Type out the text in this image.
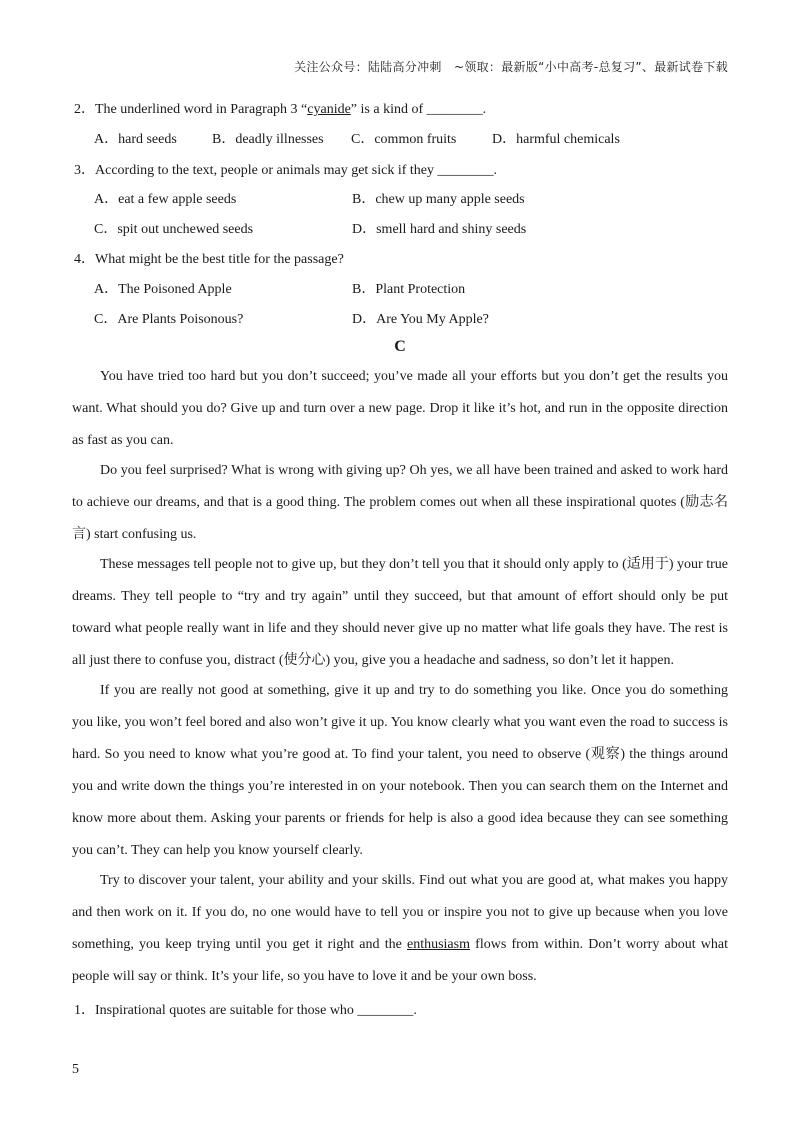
关注公众号：陆陆高分冲刺　~领取：最新版“小中高考-总复习”、最新试卷下载
2．The underlined word in Paragraph 3 “cyanide” is a kind of ________.
A．hard seeds	B．deadly illnesses C．common fruits	D．harmful chemicals
3．According to the text, people or animals may get sick if they ________.
A．eat a few apple seeds	B．chew up many apple seeds
C．spit out unchewed seeds	D．smell hard and shiny seeds
4．What might be the best title for the passage?
A．The Poisoned Apple	B．Plant Protection
C．Are Plants Poisonous?	D．Are You My Apple?
C

You have tried too hard but you don’t succeed; you’ve made all your efforts but you don’t get the results you want. What should you do? Give up and turn over a new page. Drop it like it’s hot, and run in the opposite direction as fast as you can.

Do you feel surprised? What is wrong with giving up? Oh yes, we all have been trained and asked to work hard to achieve our dreams, and that is a good thing. The problem comes out when all these inspirational quotes (励志名言) start confusing us.

These messages tell people not to give up, but they don’t tell you that it should only apply to (适用于) your true dreams. They tell people to “try and try again” until they succeed, but that amount of effort should only be put toward what people really want in life and they should never give up no matter what life goals they have. The rest is all just there to confuse you, distract (使分心) you, give you a headache and sadness, so don’t let it happen.

If you are really not good at something, give it up and try to do something you like. Once you do something you like, you won’t feel bored and also won’t give it up. You know clearly what you want even the road to success is hard. So you need to know what you’re good at. To find your talent, you need to observe (观察) the things around you and write down the things you’re interested in on your notebook. Then you can search them on the Internet and know more about them. Asking your parents or friends for help is also a good idea because they can see something you can’t. They can help you know yourself clearly.

Try to discover your talent, your ability and your skills. Find out what you are good at, what makes you happy and then work on it. If you do, no one would have to tell you or inspire you not to give up because when you love something, you keep trying until you get it right and the enthusiasm flows from within. Don’t worry about what people will say or think. It’s your life, so you have to love it and be your own boss.

1．Inspirational quotes are suitable for those who ________.
5
